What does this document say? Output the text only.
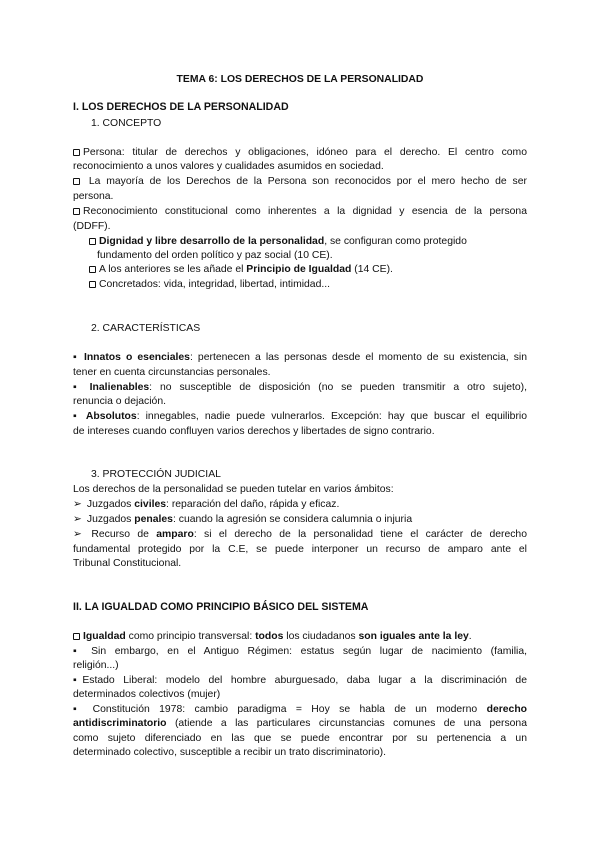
TEMA 6: LOS DERECHOS DE LA PERSONALIDAD
I. LOS DERECHOS DE LA PERSONALIDAD
1. CONCEPTO
Persona: titular de derechos y obligaciones, idóneo para el derecho. El centro como
reconocimiento a unos valores y cualidades asumidos en sociedad.
La mayoría de los Derechos de la Persona son reconocidos por el mero hecho de ser
persona.
Reconocimiento constitucional como inherentes a la dignidad y esencia de la persona
(DDFF).
Dignidad y libre desarrollo de la personalidad, se configuran como protegido
fundamento del orden político y paz social (10 CE).
A los anteriores se les añade el Principio de Igualdad (14 CE).
Concretados: vida, integridad, libertad, intimidad...
2. CARACTERÍSTICAS
▪ Innatos o esenciales: pertenecen a las personas desde el momento de su existencia, sin
tener en cuenta circunstancias personales.
▪ Inalienables: no susceptible de disposición (no se pueden transmitir a otro sujeto),
renuncia o dejación.
▪ Absolutos: innegables, nadie puede vulnerarlos. Excepción: hay que buscar el equilibrio
de intereses cuando confluyen varios derechos y libertades de signo contrario.
3. PROTECCIÓN JUDICIAL
Los derechos de la personalidad se pueden tutelar en varios ámbitos:
➢ Juzgados civiles: reparación del daño, rápida y eficaz.
➢ Juzgados penales: cuando la agresión se considera calumnia o injuria
➢ Recurso de amparo: si el derecho de la personalidad tiene el carácter de derecho
fundamental protegido por la C.E, se puede interponer un recurso de amparo ante el
Tribunal Constitucional.
II. LA IGUALDAD COMO PRINCIPIO BÁSICO DEL SISTEMA
Igualdad como principio transversal: todos los ciudadanos son iguales ante la ley.
▪ Sin embargo, en el Antiguo Régimen: estatus según lugar de nacimiento (familia,
religión...)
▪Estado Liberal: modelo del hombre aburguesado, daba lugar a la discriminación de
determinados colectivos (mujer)
▪ Constitución 1978: cambio paradigma = Hoy se habla de un moderno derecho
antidiscriminatorio (atiende a las particulares circunstancias comunes de una persona
como sujeto diferenciado en las que se puede encontrar por su pertenencia a un
determinado colectivo, susceptible a recibir un trato discriminatorio).
